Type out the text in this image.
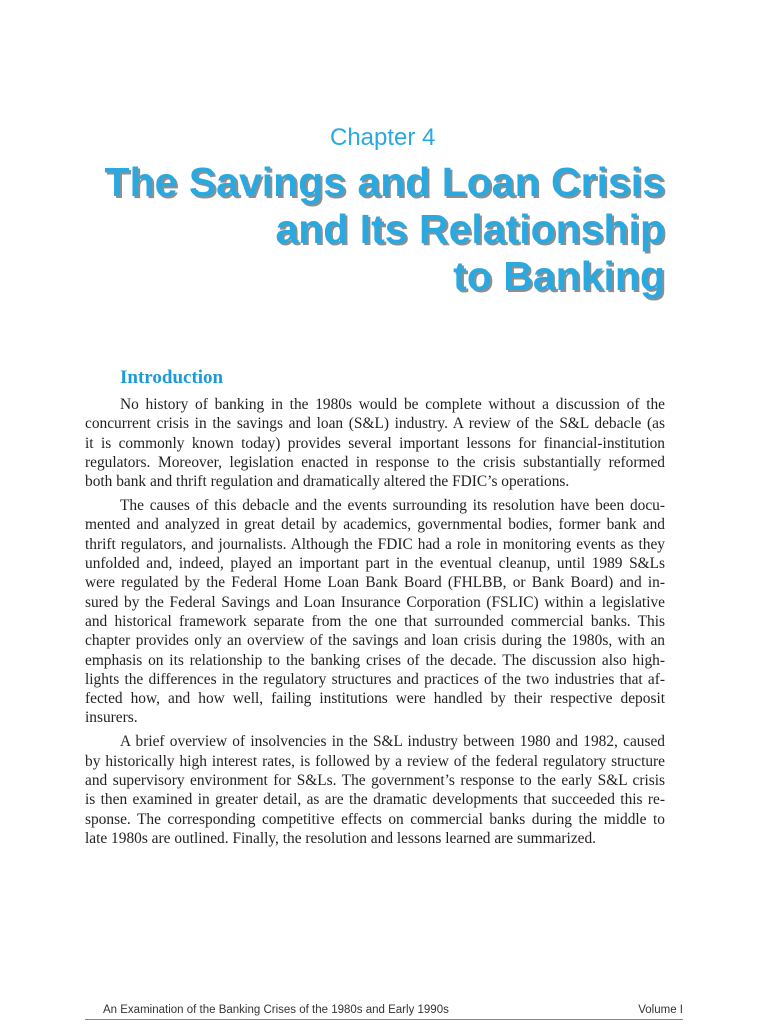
Chapter 4
The Savings and Loan Crisis
and Its Relationship
to Banking
Introduction
No history of banking in the 1980s would be complete without a discussion of the
concurrent crisis in the savings and loan (S&L) industry. A review of the S&L debacle (as
it is commonly known today) provides several important lessons for financial-institution
regulators. Moreover, legislation enacted in response to the crisis substantially reformed
both bank and thrift regulation and dramatically altered the FDIC’s operations.
The causes of this debacle and the events surrounding its resolution have been docu-
mented and analyzed in great detail by academics, governmental bodies, former bank and
thrift regulators, and journalists. Although the FDIC had a role in monitoring events as they
unfolded and, indeed, played an important part in the eventual cleanup, until 1989 S&Ls
were regulated by the Federal Home Loan Bank Board (FHLBB, or Bank Board) and in-
sured by the Federal Savings and Loan Insurance Corporation (FSLIC) within a legislative
and historical framework separate from the one that surrounded commercial banks. This
chapter provides only an overview of the savings and loan crisis during the 1980s, with an
emphasis on its relationship to the banking crises of the decade. The discussion also high-
lights the differences in the regulatory structures and practices of the two industries that af-
fected how, and how well, failing institutions were handled by their respective deposit
insurers.
A brief overview of insolvencies in the S&L industry between 1980 and 1982, caused
by historically high interest rates, is followed by a review of the federal regulatory structure
and supervisory environment for S&Ls. The government’s response to the early S&L crisis
is then examined in greater detail, as are the dramatic developments that succeeded this re-
sponse. The corresponding competitive effects on commercial banks during the middle to
late 1980s are outlined. Finally, the resolution and lessons learned are summarized.
An Examination of the Banking Crises of the 1980s and Early 1990s	Volume I
